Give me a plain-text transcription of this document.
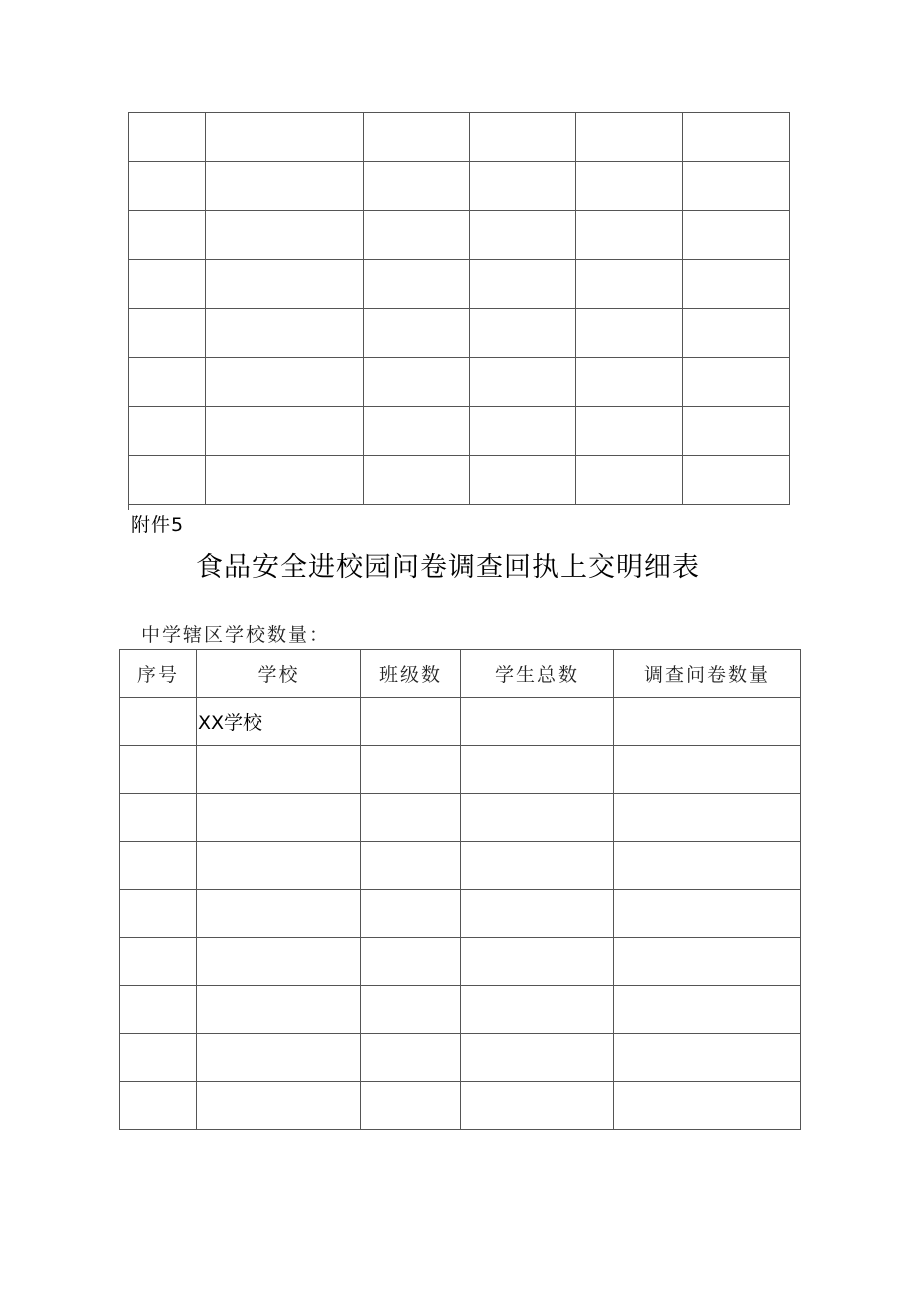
附件5
食品安全进校园问卷调查回执上交明细表
中学辖区学校数量：
序号	学校	班级数	学生总数	调查问卷数量
	XX学校			
